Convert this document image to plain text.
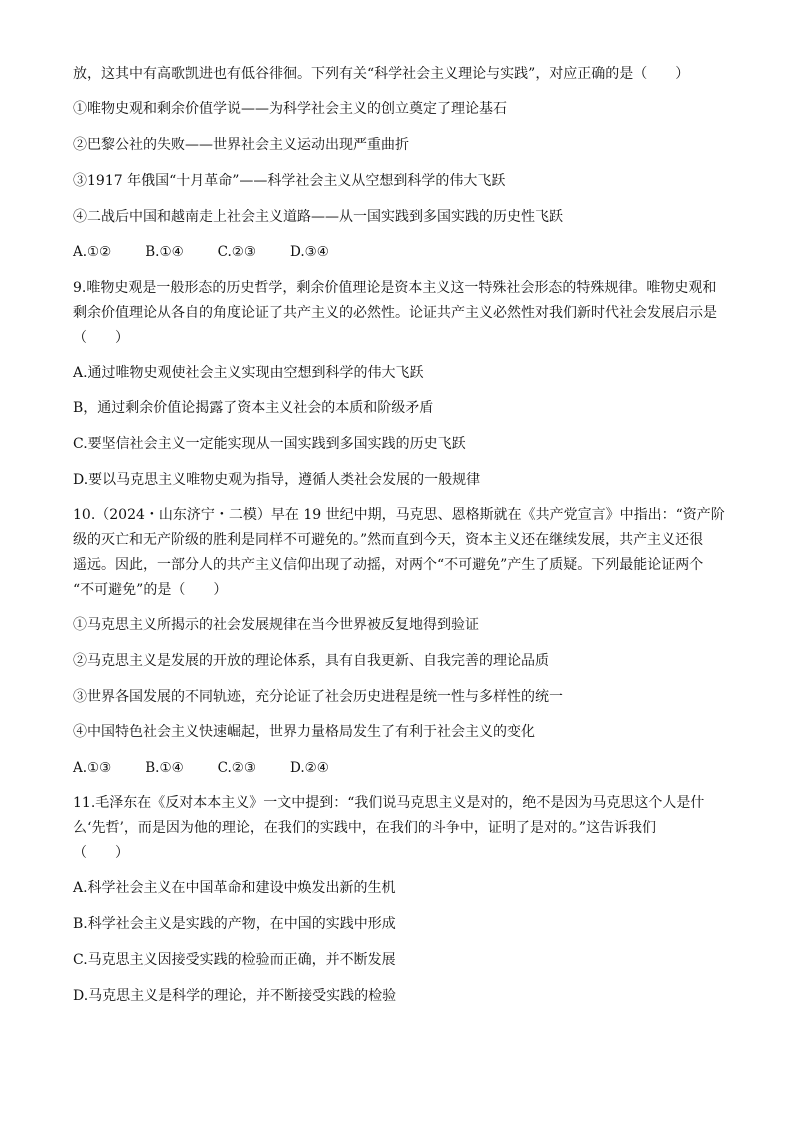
放，这其中有高歌凯进也有低谷徘徊。下列有关“科学社会主义理论与实践”，对应正确的是（　　）
①唯物史观和剩余价值学说——为科学社会主义的创立奠定了理论基石
②巴黎公社的失败——世界社会主义运动出现严重曲折
③1917 年俄国“十月革命”——科学社会主义从空想到科学的伟大飞跃
④二战后中国和越南走上社会主义道路——从一国实践到多国实践的历史性飞跃
A.①②	B.①④	C.②③	D.③④
9.唯物史观是一般形态的历史哲学，剩余价值理论是资本主义这一特殊社会形态的特殊规律。唯物史观和
剩余价值理论从各自的角度论证了共产主义的必然性。论证共产主义必然性对我们新时代社会发展启示是
（　　）
A.通过唯物史观使社会主义实现由空想到科学的伟大飞跃
B，通过剩余价值论揭露了资本主义社会的本质和阶级矛盾
C.要坚信社会主义一定能实现从一国实践到多国实践的历史飞跃
D.要以马克思主义唯物史观为指导，遵循人类社会发展的一般规律
10.（2024・山东济宁・二模）早在 19 世纪中期，马克思、恩格斯就在《共产党宣言》中指出：“资产阶
级的灭亡和无产阶级的胜利是同样不可避免的。”然而直到今天，资本主义还在继续发展，共产主义还很
遥远。因此，一部分人的共产主义信仰出现了动摇，对两个“不可避免”产生了质疑。下列最能论证两个
“不可避免”的是（　　）
①马克思主义所揭示的社会发展规律在当今世界被反复地得到验证
②马克思主义是发展的开放的理论体系，具有自我更新、自我完善的理论品质
③世界各国发展的不同轨迹，充分论证了社会历史进程是统一性与多样性的统一
④中国特色社会主义快速崛起，世界力量格局发生了有利于社会主义的变化
A.①③	B.①④	C.②③	D.②④
11.毛泽东在《反对本本主义》一文中提到：“我们说马克思主义是对的，绝不是因为马克思这个人是什
么‘先哲’，而是因为他的理论，在我们的实践中，在我们的斗争中，证明了是对的。”这告诉我们
（　　）
A.科学社会主义在中国革命和建设中焕发出新的生机
B.科学社会主义是实践的产物，在中国的实践中形成
C.马克思主义因接受实践的检验而正确，并不断发展
D.马克思主义是科学的理论，并不断接受实践的检验
